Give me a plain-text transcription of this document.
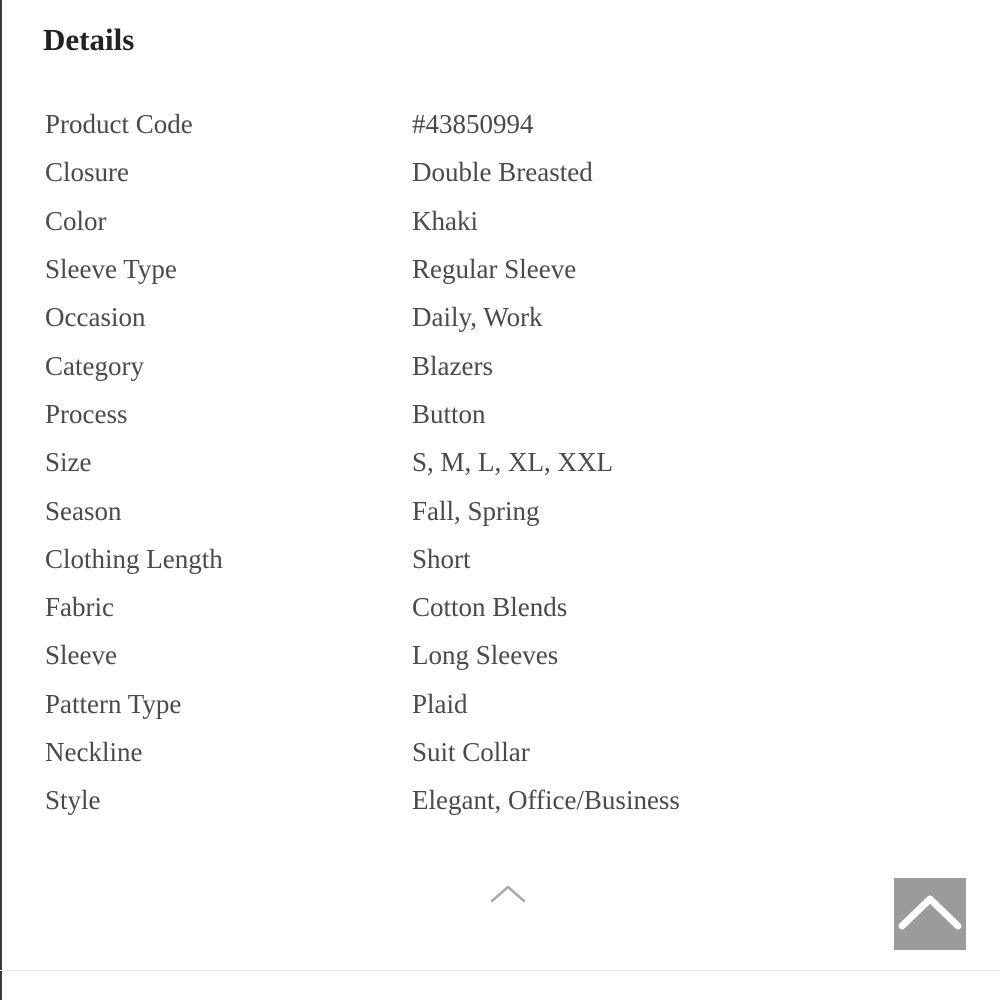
Details
Product Code	#43850994
Closure	Double Breasted
Color	Khaki
Sleeve Type	Regular Sleeve
Occasion	Daily, Work
Category	Blazers
Process	Button
Size	S, M, L, XL, XXL
Season	Fall, Spring
Clothing Length	Short
Fabric	Cotton Blends
Sleeve	Long Sleeves
Pattern Type	Plaid
Neckline	Suit Collar
Style	Elegant, Office/Business
